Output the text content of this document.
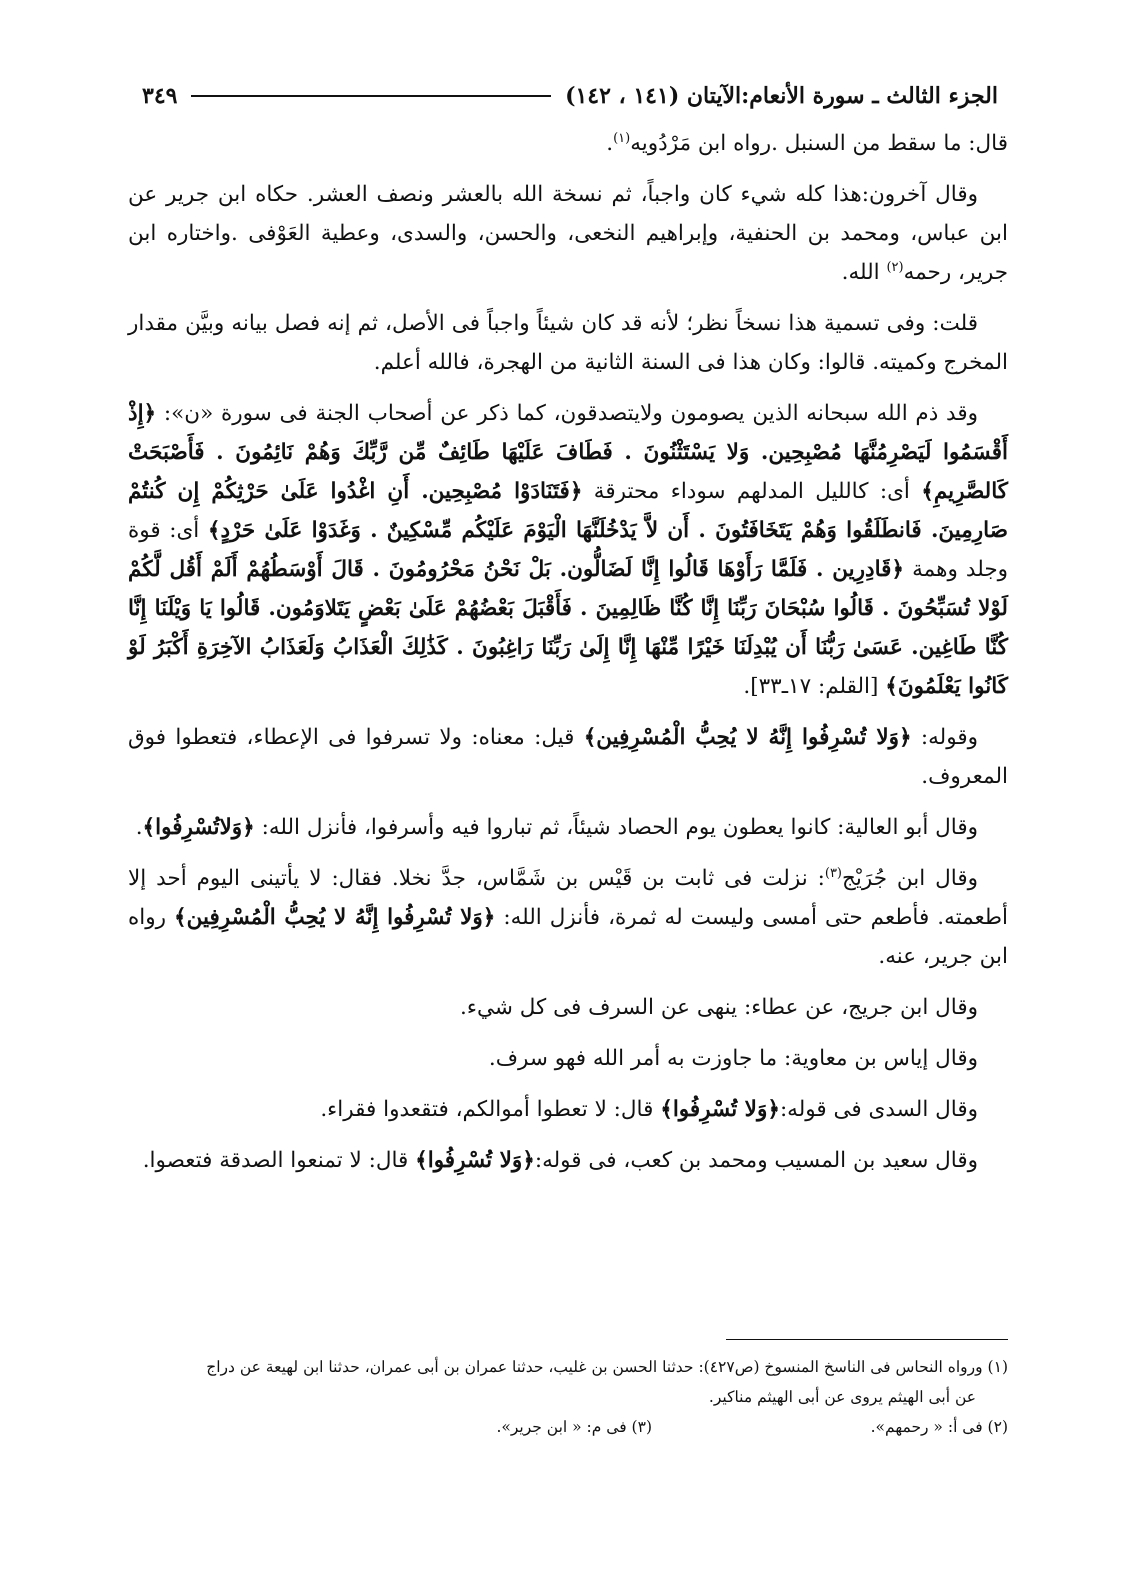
الجزء الثالث ـ سورة الأنعام:الآيتان (١٤١ ، ١٤٢)
٣٤٩

قال: ما سقط من السنبل .رواه ابن مَرْدُويه$^{(١)}$.

وقال آخرون:هذا كله شيء كان واجباً، ثم نسخة الله بالعشر ونصف العشر. حكاه ابن جرير عن ابن عباس، ومحمد بن الحنفية، وإبراهيم النخعى، والحسن، والسدى، وعطية العَوْفى .واختاره ابن جرير، رحمه$^{(٢)}$ الله.

قلت: وفى تسمية هذا نسخاً نظر؛ لأنه قد كان شيئاً واجباً فى الأصل، ثم إنه فصل بيانه وبيَّن مقدار المخرج وكميته. قالوا: وكان هذا فى السنة الثانية من الهجرة، فالله أعلم.

وقد ذم الله سبحانه الذين يصومون ولايتصدقون، كما ذكر عن أصحاب الجنة فى سورة «ن»: ﴿إِذْ أَقْسَمُوا لَيَصْرِمُنَّهَا مُصْبِحِين. وَلا يَسْتَثْنُونَ . فَطَافَ عَلَيْهَا طَائِفٌ مِّن رَّبِّكَ وَهُمْ نَائِمُونَ . فَأَصْبَحَتْ كَالصَّرِيمِ﴾ أى: كالليل المدلهم سوداء محترقة ﴿فَتَنَادَوْا مُصْبِحِين. أَنِ اغْدُوا عَلَىٰ حَرْثِكُمْ إِن كُنتُمْ صَارِمِينَ. فَانطَلَقُوا وَهُمْ يَتَخَافَتُونَ . أَن لاَّ يَدْخُلَنَّهَا الْيَوْمَ عَلَيْكُم مِّسْكِينٌ . وَغَدَوْا عَلَىٰ حَرْدٍ﴾ أى: قوة وجلد وهمة ﴿قَادِرِين . فَلَمَّا رَأَوْهَا قَالُوا إِنَّا لَضَالُّون. بَلْ نَحْنُ مَحْرُومُونَ . قَالَ أَوْسَطُهُمْ أَلَمْ أَقُل لَّكُمْ لَوْلا تُسَبِّحُونَ . قَالُوا سُبْحَانَ رَبِّنَا إِنَّا كُنَّا ظَالِمِينَ . فَأَقْبَلَ بَعْضُهُمْ عَلَىٰ بَعْضٍ يَتَلاوَمُون. قَالُوا يَا وَيْلَنَا إِنَّا كُنَّا طَاغِين. عَسَىٰ رَبُّنَا أَن يُبْدِلَنَا خَيْرًا مِّنْهَا إِنَّا إِلَىٰ رَبِّنَا رَاغِبُونَ . كَذَٰلِكَ الْعَذَابُ وَلَعَذَابُ الآخِرَةِ أَكْبَرُ لَوْ كَانُوا يَعْلَمُونَ﴾ [القلم: ١٧ـ٣٣].

وقوله: ﴿وَلا تُسْرِفُوا إِنَّهُ لا يُحِبُّ الْمُسْرِفِين﴾ قيل: معناه: ولا تسرفوا فى الإعطاء، فتعطوا فوق المعروف.

وقال أبو العالية: كانوا يعطون يوم الحصاد شيئاً، ثم تباروا فيه وأسرفوا، فأنزل الله: ﴿وَلاتُسْرِفُوا﴾.

وقال ابن جُرَيْج$^{(٣)}$: نزلت فى ثابت بن قَيْس بن شَمَّاس، جدَّ نخلا. فقال: لا يأتينى اليوم أحد إلا أطعمته. فأطعم حتى أمسى وليست له ثمرة، فأنزل الله: ﴿وَلا تُسْرِفُوا إِنَّهُ لا يُحِبُّ الْمُسْرِفِين﴾ رواه ابن جرير، عنه.

وقال ابن جريج، عن عطاء: ينهى عن السرف فى كل شيء.

وقال إياس بن معاوية: ما جاوزت به أمر الله فهو سرف.

وقال السدى فى قوله:﴿وَلا تُسْرِفُوا﴾ قال: لا تعطوا أموالكم، فتقعدوا فقراء.

وقال سعيد بن المسيب ومحمد بن كعب، فى قوله:﴿وَلا تُسْرِفُوا﴾ قال: لا تمنعوا الصدقة فتعصوا.

(١) ورواه النحاس فى الناسخ المنسوخ (ص٤٢٧): حدثنا الحسن بن غليب، حدثنا عمران بن أبى عمران، حدثنا ابن لهيعة عن دراج

عن أبى الهيثم يروى عن أبى الهيثم مناكير.

(٢) فى أ: « رحمهم».
(٣) فى م: « ابن جرير».
